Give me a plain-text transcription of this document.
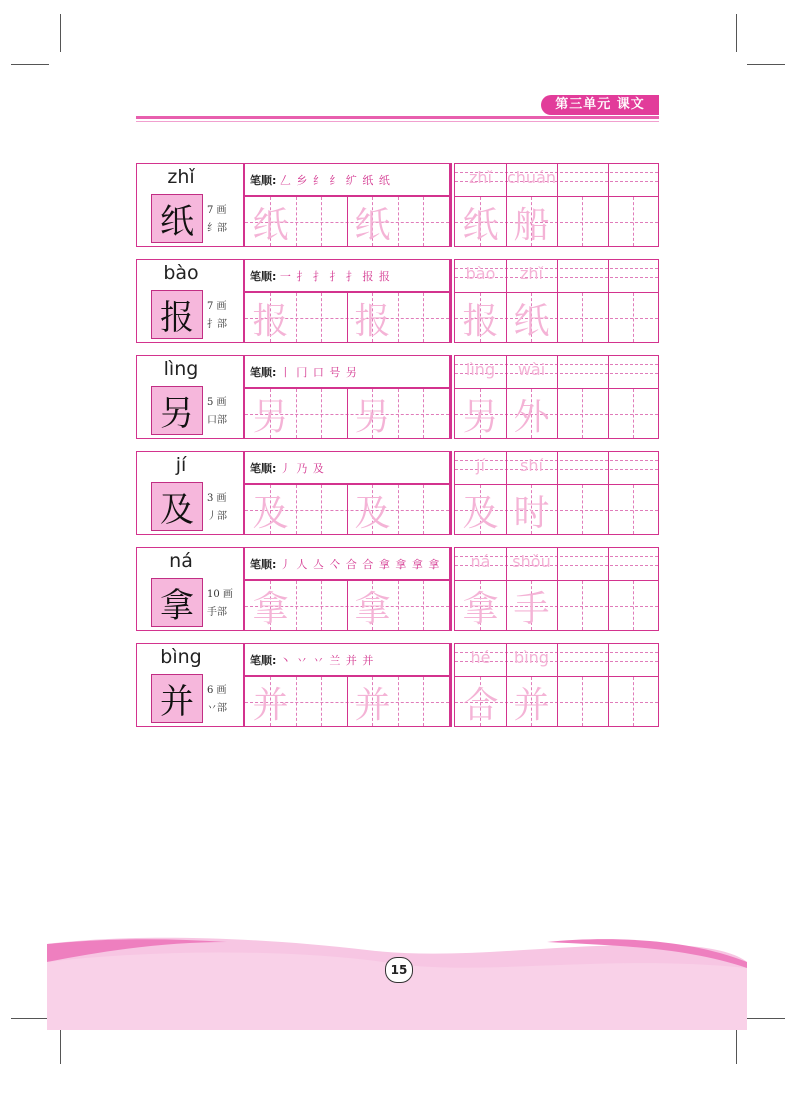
第三单元 课文
zhǐ
纸	7 画
纟部
笔顺: 𠃋 乡 纟 纟 纩 纸 纸
纸 纸
zhǐ chuán
纸 船
bào
报	7 画
扌部
笔顺: 一 扌 扌 扌 扌 报 报
报 报
bào	zhǐ
报 纸
lìng
另	5 画
口部
笔顺: 丨 冂 口 号 另
另 另
lìng	wài
另 外
jí
及	3 画
丿部
笔顺: 丿 乃 及
及 及
jí	shí
及 时
ná
拿	10 画
手部
笔顺: 丿 人 亼 亽 合 合 拿 拿 拿 拿
拿 拿
ná	shǒu
拿 手
bìng
并	6 画
丷部
笔顺: 丶 丷 丷 兰 并 并
并 并
hé	bìng
合 并
15
